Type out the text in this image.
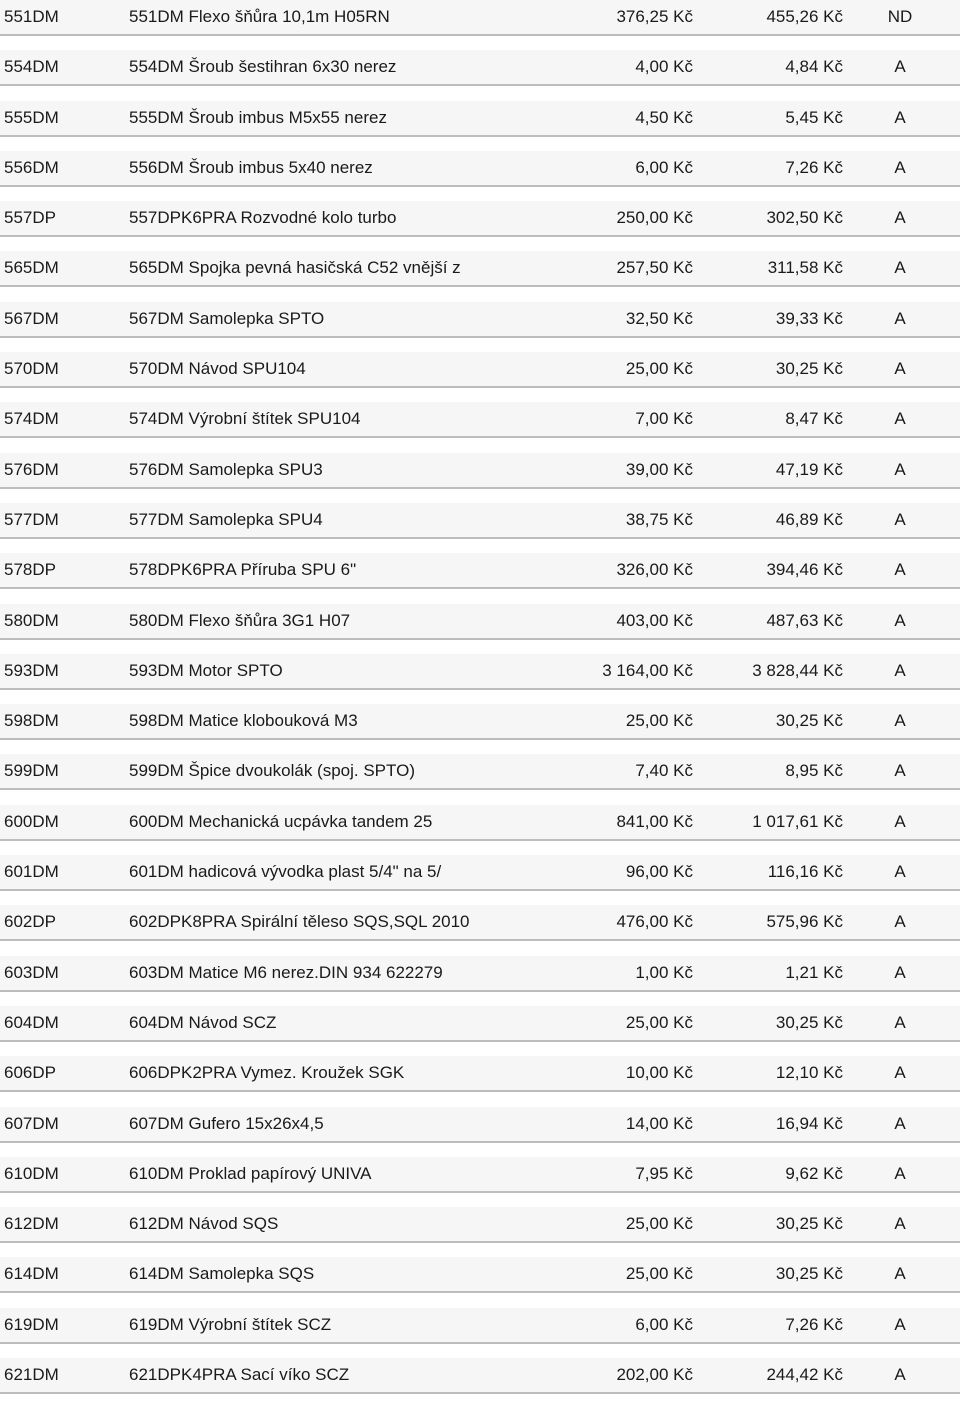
551DM	551DM Flexo šňůra 10,1m H05RN	376,25 Kč	455,26 Kč	ND
554DM	554DM Šroub šestihran 6x30 nerez	4,00 Kč	4,84 Kč	A
555DM	555DM Šroub imbus M5x55 nerez	4,50 Kč	5,45 Kč	A
556DM	556DM Šroub imbus 5x40 nerez	6,00 Kč	7,26 Kč	A
557DP	557DPK6PRA Rozvodné kolo turbo	250,00 Kč	302,50 Kč	A
565DM	565DM Spojka pevná hasičská C52 vnější z	257,50 Kč	311,58 Kč	A
567DM	567DM Samolepka SPTO	32,50 Kč	39,33 Kč	A
570DM	570DM Návod SPU104	25,00 Kč	30,25 Kč	A
574DM	574DM Výrobní štítek SPU104	7,00 Kč	8,47 Kč	A
576DM	576DM Samolepka SPU3	39,00 Kč	47,19 Kč	A
577DM	577DM Samolepka SPU4	38,75 Kč	46,89 Kč	A
578DP	578DPK6PRA Příruba SPU 6"	326,00 Kč	394,46 Kč	A
580DM	580DM Flexo šňůra 3G1 H07	403,00 Kč	487,63 Kč	A
593DM	593DM Motor SPTO	3 164,00 Kč	3 828,44 Kč	A
598DM	598DM Matice klobouková M3	25,00 Kč	30,25 Kč	A
599DM	599DM Špice dvoukolák (spoj. SPTO)	7,40 Kč	8,95 Kč	A
600DM	600DM Mechanická ucpávka tandem 25	841,00 Kč	1 017,61 Kč	A
601DM	601DM hadicová vývodka plast 5/4" na 5/	96,00 Kč	116,16 Kč	A
602DP	602DPK8PRA Spirální těleso SQS,SQL 2010	476,00 Kč	575,96 Kč	A
603DM	603DM Matice M6 nerez.DIN 934 622279	1,00 Kč	1,21 Kč	A
604DM	604DM Návod SCZ	25,00 Kč	30,25 Kč	A
606DP	606DPK2PRA Vymez. Kroužek SGK	10,00 Kč	12,10 Kč	A
607DM	607DM Gufero 15x26x4,5	14,00 Kč	16,94 Kč	A
610DM	610DM Proklad papírový UNIVA	7,95 Kč	9,62 Kč	A
612DM	612DM Návod SQS	25,00 Kč	30,25 Kč	A
614DM	614DM Samolepka SQS	25,00 Kč	30,25 Kč	A
619DM	619DM Výrobní štítek SCZ	6,00 Kč	7,26 Kč	A
621DM	621DPK4PRA Sací víko SCZ	202,00 Kč	244,42 Kč	A
